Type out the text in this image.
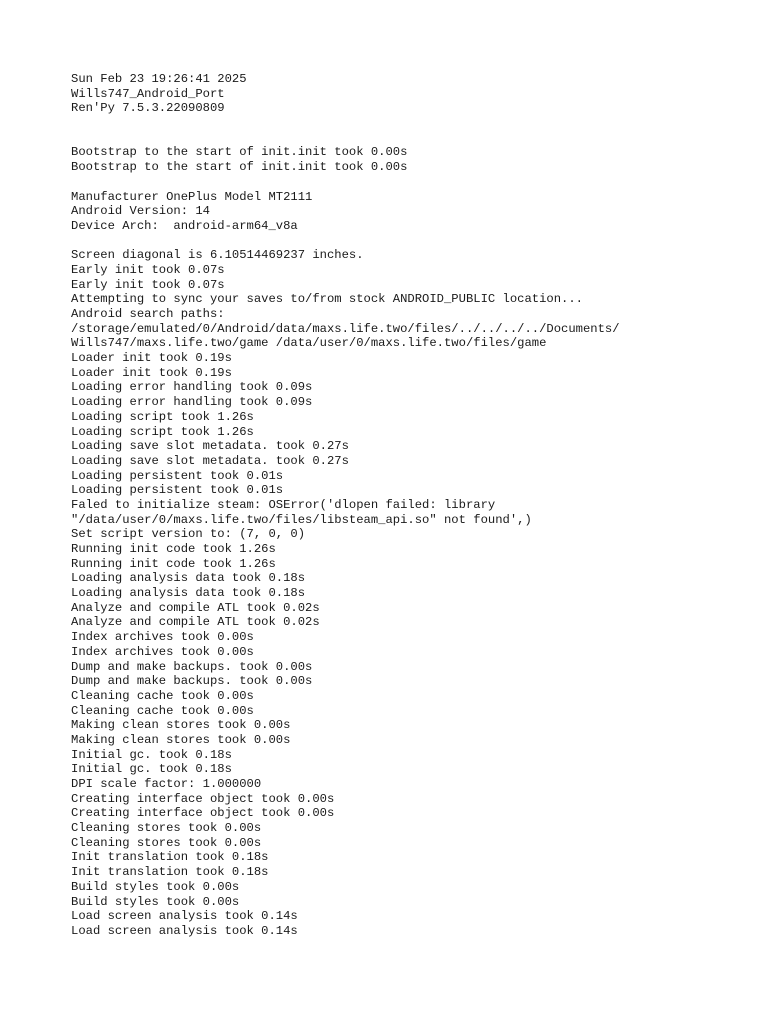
Sun Feb 23 19:26:41 2025
Wills747_Android_Port
Ren'Py 7.5.3.22090809
Bootstrap to the start of init.init took 0.00s
Bootstrap to the start of init.init took 0.00s
Manufacturer OnePlus Model MT2111
Android Version: 14
Device Arch:  android-arm64_v8a
Screen diagonal is 6.10514469237 inches.
Early init took 0.07s
Early init took 0.07s
Attempting to sync your saves to/from stock ANDROID_PUBLIC location...
Android search paths:
/storage/emulated/0/Android/data/maxs.life.two/files/../../../../Documents/
Wills747/maxs.life.two/game /data/user/0/maxs.life.two/files/game
Loader init took 0.19s
Loader init took 0.19s
Loading error handling took 0.09s
Loading error handling took 0.09s
Loading script took 1.26s
Loading script took 1.26s
Loading save slot metadata. took 0.27s
Loading save slot metadata. took 0.27s
Loading persistent took 0.01s
Loading persistent took 0.01s
Faled to initialize steam: OSError('dlopen failed: library
"/data/user/0/maxs.life.two/files/libsteam_api.so" not found',)
Set script version to: (7, 0, 0)
Running init code took 1.26s
Running init code took 1.26s
Loading analysis data took 0.18s
Loading analysis data took 0.18s
Analyze and compile ATL took 0.02s
Analyze and compile ATL took 0.02s
Index archives took 0.00s
Index archives took 0.00s
Dump and make backups. took 0.00s
Dump and make backups. took 0.00s
Cleaning cache took 0.00s
Cleaning cache took 0.00s
Making clean stores took 0.00s
Making clean stores took 0.00s
Initial gc. took 0.18s
Initial gc. took 0.18s
DPI scale factor: 1.000000
Creating interface object took 0.00s
Creating interface object took 0.00s
Cleaning stores took 0.00s
Cleaning stores took 0.00s
Init translation took 0.18s
Init translation took 0.18s
Build styles took 0.00s
Build styles took 0.00s
Load screen analysis took 0.14s
Load screen analysis took 0.14s
